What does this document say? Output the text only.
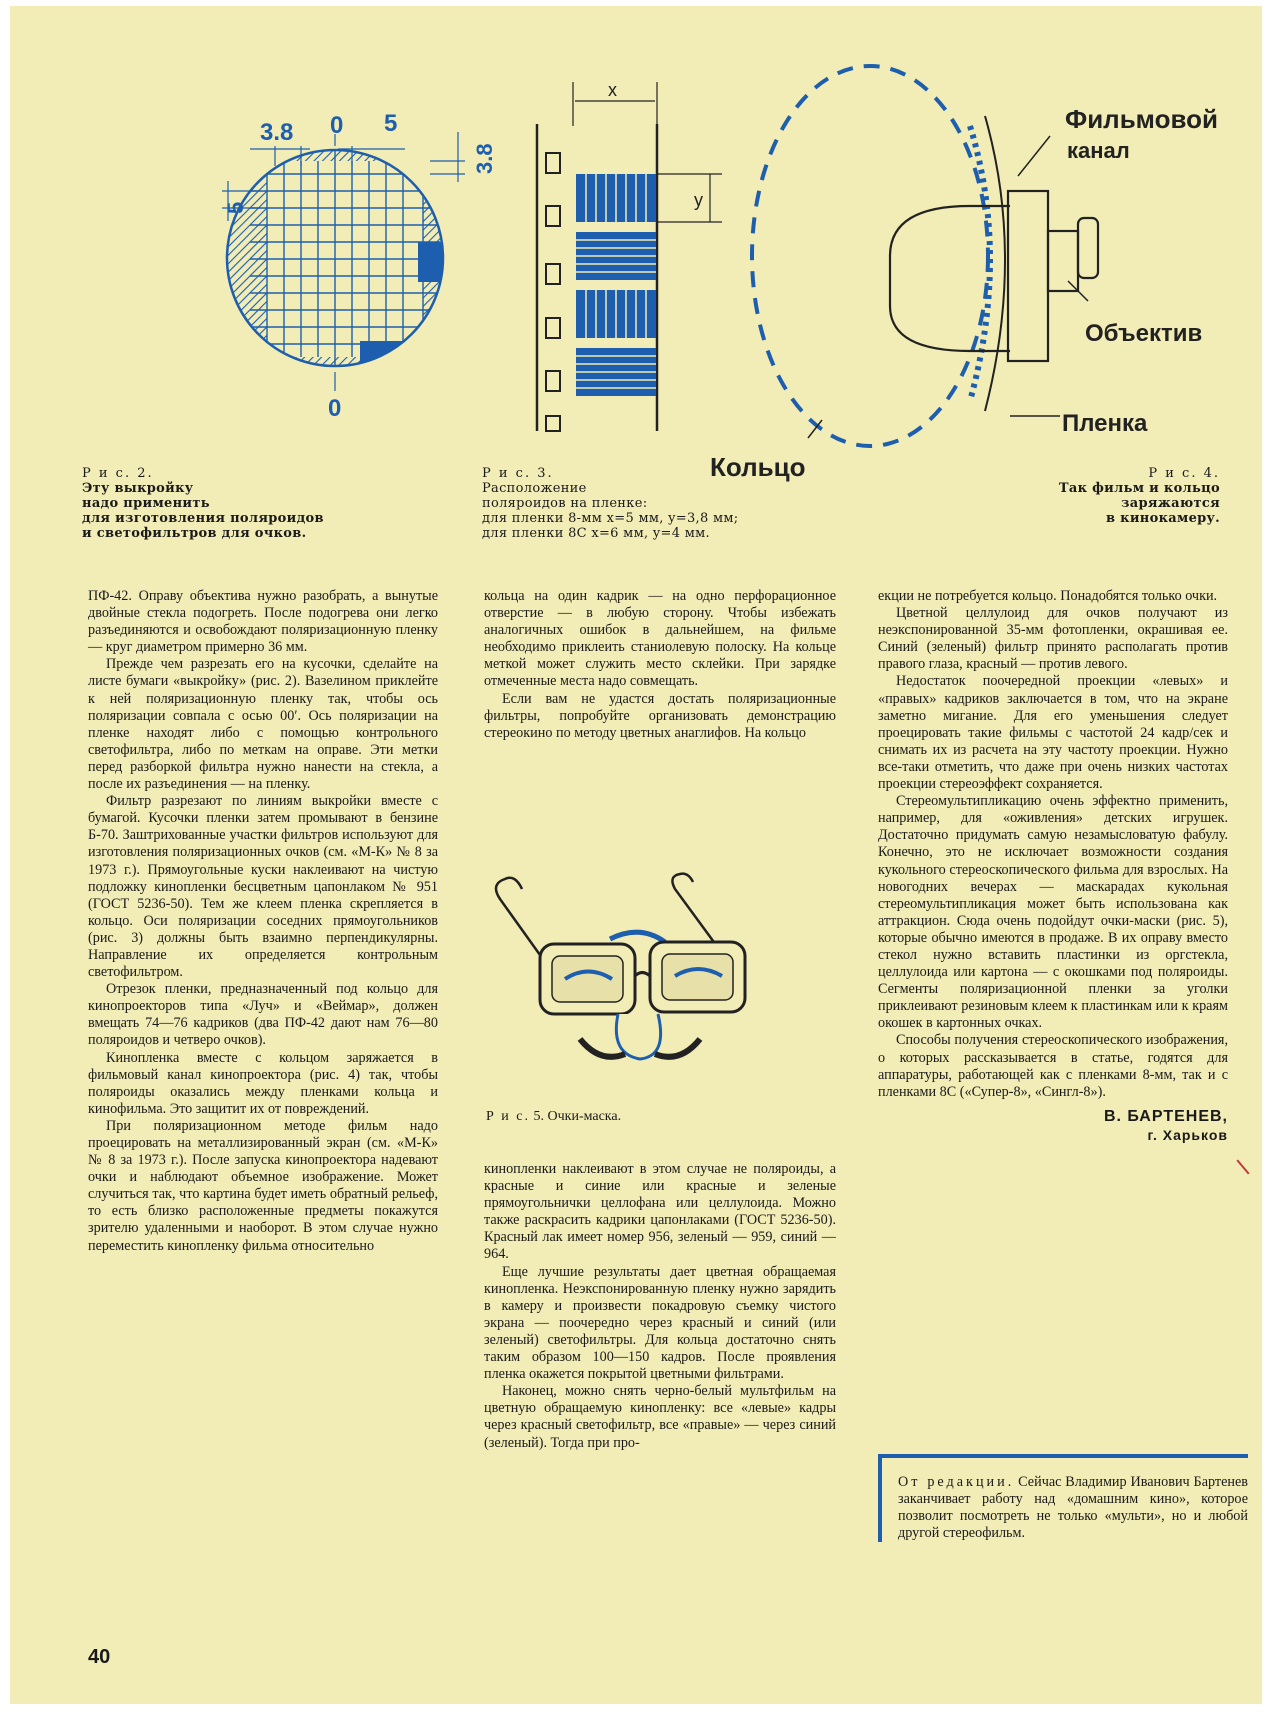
3.8 0 5
3.8
5
0
x
y
Фильмовой
канал
Объектив
Пленка
Кольцо
Р и с. 2.
Эту выкройку
надо применить
для изготовления поляроидов
и светофильтров для очков.
Р и с. 3.
Расположение
поляроидов на пленке:
для пленки 8-мм x=5 мм, y=3,8 мм;
для пленки 8С x=6 мм, y=4 мм.
Р и с. 4.
Так фильм и кольцо
заряжаются
в кинокамеру.

ПФ-42. Оправу объектива нужно разобрать, а вынутые двойные стекла подогреть. После подогрева они легко разъединяются и освобождают поляризационную пленку — круг диаметром примерно 36 мм.

Прежде чем разрезать его на кусочки, сделайте на листе бумаги «выкройку» (рис. 2). Вазелином приклейте к ней поляризационную пленку так, чтобы ось поляризации совпала с осью 00′. Ось поляризации на пленке находят либо с помощью контрольного светофильтра, либо по меткам на оправе. Эти метки перед разборкой фильтра нужно нанести на стекла, а после их разъединения — на пленку.

Фильтр разрезают по линиям выкройки вместе с бумагой. Кусочки пленки затем промывают в бензине Б-70. Заштрихованные участки фильтров используют для изготовления поляризационных очков (см. «М-К» № 8 за 1973 г.). Прямоугольные куски наклеивают на чистую подложку кинопленки бесцветным цапонлаком № 951 (ГОСТ 5236-50). Тем же клеем пленка скрепляется в кольцо. Оси поляризации соседних прямоугольников (рис. 3) должны быть взаимно перпендикулярны. Направление их определяется контрольным светофильтром.

Отрезок пленки, предназначенный под кольцо для кинопроекторов типа «Луч» и «Веймар», должен вмещать 74—76 кадриков (два ПФ-42 дают нам 76—80 поляроидов и четверо очков).

Кинопленка вместе с кольцом заряжается в фильмовый канал кинопроектора (рис. 4) так, чтобы поляроиды оказались между пленками кольца и кинофильма. Это защитит их от повреждений.

При поляризационном методе фильм надо проецировать на металлизированный экран (см. «М-К» № 8 за 1973 г.). После запуска кинопроектора надевают очки и наблюдают объемное изображение. Может случиться так, что картина будет иметь обратный рельеф, то есть близко расположенные предметы покажутся зрителю удаленными и наоборот. В этом случае нужно переместить кинопленку фильма относительно

кольца на один кадрик — на одно перфорационное отверстие — в любую сторону. Чтобы избежать аналогичных ошибок в дальнейшем, на фильме необходимо приклеить станиолевую полоску. На кольце меткой может служить место склейки. При зарядке отмеченные места надо совмещать.

Если вам не удастся достать поляризационные фильтры, попробуйте организовать демонстрацию стереокино по методу цветных анаглифов. На кольцо

Р и с. 5. Очки-маска.

кинопленки наклеивают в этом случае не поляроиды, а красные и синие или красные и зеленые прямоугольнички целлофана или целлулоида. Можно также раскрасить кадрики цапонлаками (ГОСТ 5236-50). Красный лак имеет номер 956, зеленый — 959, синий — 964.

Еще лучшие результаты дает цветная обращаемая кинопленка. Неэкспонированную пленку нужно зарядить в камеру и произвести покадровую съемку чистого экрана — поочередно через красный и синий (или зеленый) светофильтры. Для кольца достаточно снять таким образом 100—150 кадров. После проявления пленка окажется покрытой цветными фильтрами.

Наконец, можно снять черно-белый мультфильм на цветную обращаемую кинопленку: все «левые» кадры через красный светофильтр, все «правые» — через синий (зеленый). Тогда при про-

екции не потребуется кольцо. Понадобятся только очки.

Цветной целлулоид для очков получают из неэкспонированной 35-мм фотопленки, окрашивая ее. Синий (зеленый) фильтр принято располагать против правого глаза, красный — против левого.

Недостаток поочередной проекции «левых» и «правых» кадриков заключается в том, что на экране заметно мигание. Для его уменьшения следует проецировать такие фильмы с частотой 24 кадр/сек и снимать их из расчета на эту частоту проекции. Нужно все-таки отметить, что даже при очень низких частотах проекции стереоэффект сохраняется.

Стереомультипликацию очень эффектно применить, например, для «оживления» детских игрушек. Достаточно придумать самую незамысловатую фабулу. Конечно, это не исключает возможности создания кукольного стереоскопического фильма для взрослых. На новогодних вечерах — маскарадах кукольная стереомультипликация может быть использована как аттракцион. Сюда очень подойдут очки-маски (рис. 5), которые обычно имеются в продаже. В их оправу вместо стекол нужно вставить пластинки из оргстекла, целлулоида или картона — с окошками под поляроиды. Сегменты поляризационной пленки за уголки приклеивают резиновым клеем к пластинкам или к краям окошек в картонных очках.

Способы получения стереоскопического изображения, о которых рассказывается в статье, годятся для аппаратуры, работающей как с пленками 8-мм, так и с пленками 8С («Супер-8», «Сингл-8»).

В. БАРТЕНЕВ,
г. Харьков
От редакции. Сейчас Владимир Иванович Бартенев заканчивает работу над «домашним кино», которое позволит посмотреть не только «мульти», но и любой другой стереофильм.
40
